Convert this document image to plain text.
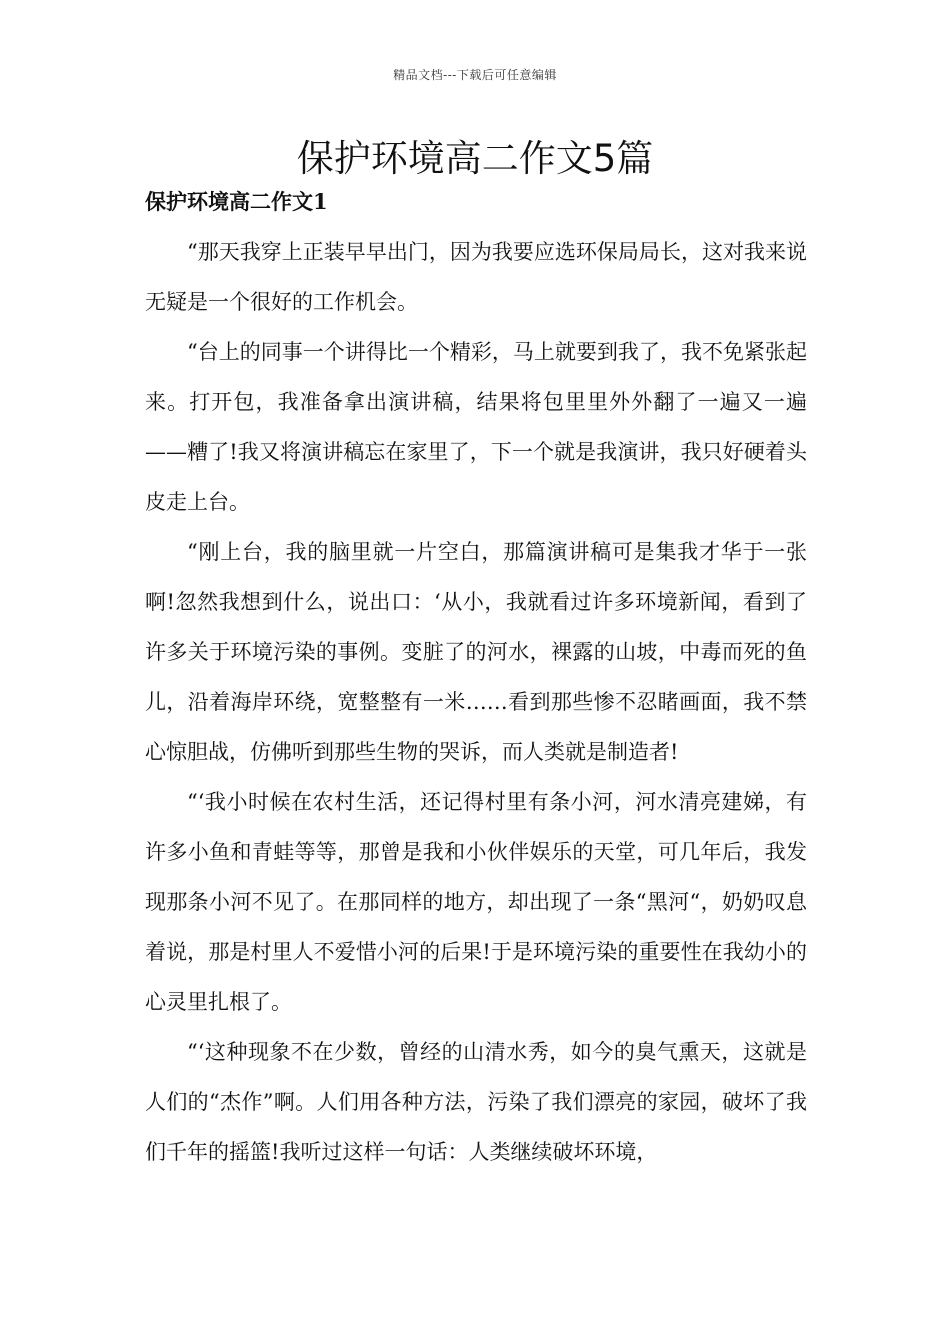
精品文档---下载后可任意编辑
保护环境高二作文5篇
保护环境高二作文1

“那天我穿上正装早早出门，因为我要应选环保局局长，这对我来说无疑是一个很好的工作机会。

“台上的同事一个讲得比一个精彩，马上就要到我了，我不免紧张起来。打开包，我准备拿出演讲稿，结果将包里里外外翻了一遍又一遍——糟了!我又将演讲稿忘在家里了，下一个就是我演讲，我只好硬着头皮走上台。

“刚上台，我的脑里就一片空白，那篇演讲稿可是集我才华于一张啊!忽然我想到什么，说出口：‘从小，我就看过许多环境新闻，看到了许多关于环境污染的事例。变脏了的河水，裸露的山坡，中毒而死的鱼儿，沿着海岸环绕，宽整整有一米……看到那些惨不忍睹画面，我不禁心惊胆战，仿佛听到那些生物的哭诉，而人类就是制造者!

“‘我小时候在农村生活，还记得村里有条小河，河水清亮建娣，有许多小鱼和青蛙等等，那曾是我和小伙伴娱乐的天堂，可几年后，我发现那条小河不见了。在那同样的地方，却出现了一条“黑河“，奶奶叹息着说，那是村里人不爱惜小河的后果!于是环境污染的重要性在我幼小的心灵里扎根了。

“‘这种现象不在少数，曾经的山清水秀，如今的臭气熏天，这就是人们的“杰作”啊。人们用各种方法，污染了我们漂亮的家园，破坏了我们千年的摇篮!我听过这样一句话：人类继续破坏环境，
